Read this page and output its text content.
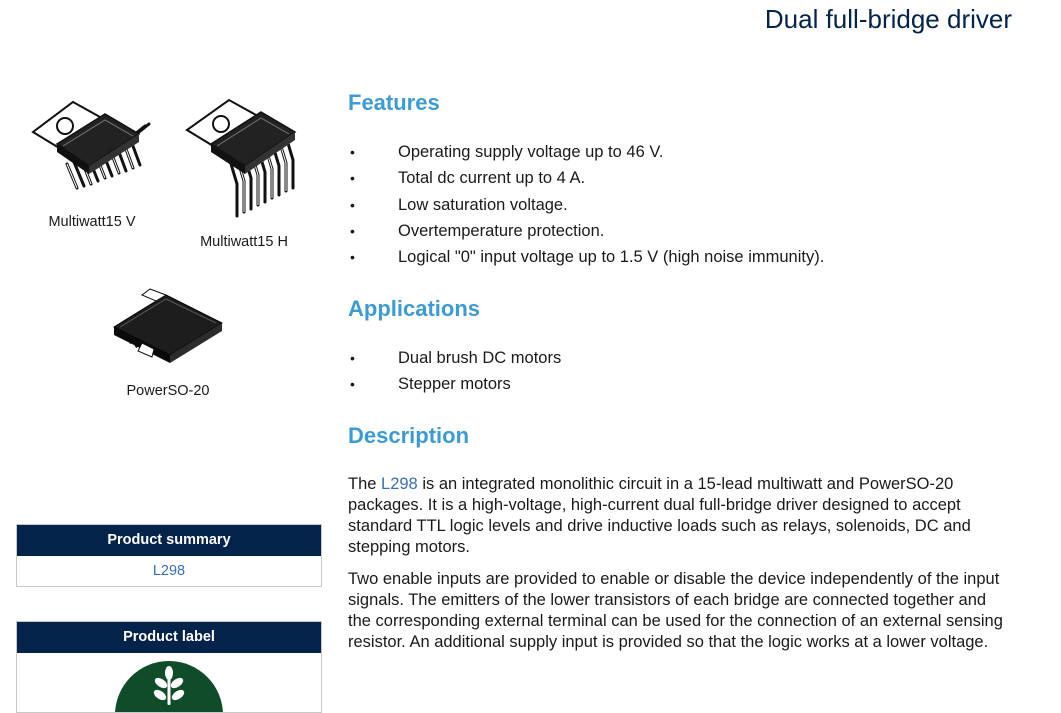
Dual full-bridge driver
Multiwatt15 V
Multiwatt15 H
PowerSO-20
Product summary
L298
Product label
Features
•	Operating supply voltage up to 46 V.
•	Total dc current up to 4 A.
•	Low saturation voltage.
•	Overtemperature protection.
•	Logical "0" input voltage up to 1.5 V (high noise immunity).
Applications
•	Dual brush DC motors
•	Stepper motors
Description

The L298 is an integrated monolithic circuit in a 15-lead multiwatt and PowerSO-20 packages. It is a high-voltage, high-current dual full-bridge driver designed to accept standard TTL logic levels and drive inductive loads such as relays, solenoids, DC and stepping motors.

Two enable inputs are provided to enable or disable the device independently of the input signals. The emitters of the lower transistors of each bridge are connected together and the corresponding external terminal can be used for the connection of an external sensing resistor. An additional supply input is provided so that the logic works at a lower voltage.
